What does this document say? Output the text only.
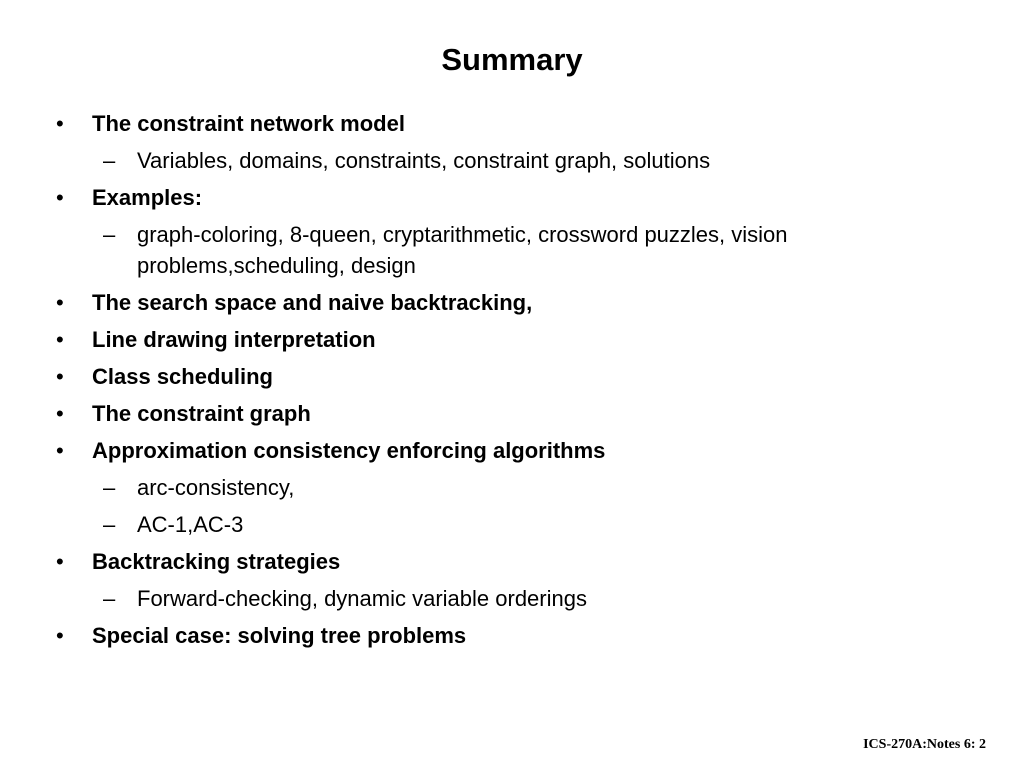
Summary
• The constraint network model
– Variables, domains, constraints, constraint graph, solutions
• Examples:
– graph-coloring, 8-queen, cryptarithmetic, crossword puzzles, vision problems,scheduling, design
• The search space and naive backtracking,
• Line drawing interpretation
• Class scheduling
• The constraint graph
• Approximation consistency enforcing algorithms
– arc-consistency,
– AC-1,AC-3
• Backtracking strategies
– Forward-checking, dynamic variable orderings
• Special case: solving tree problems
ICS-270A:Notes 6: 2
